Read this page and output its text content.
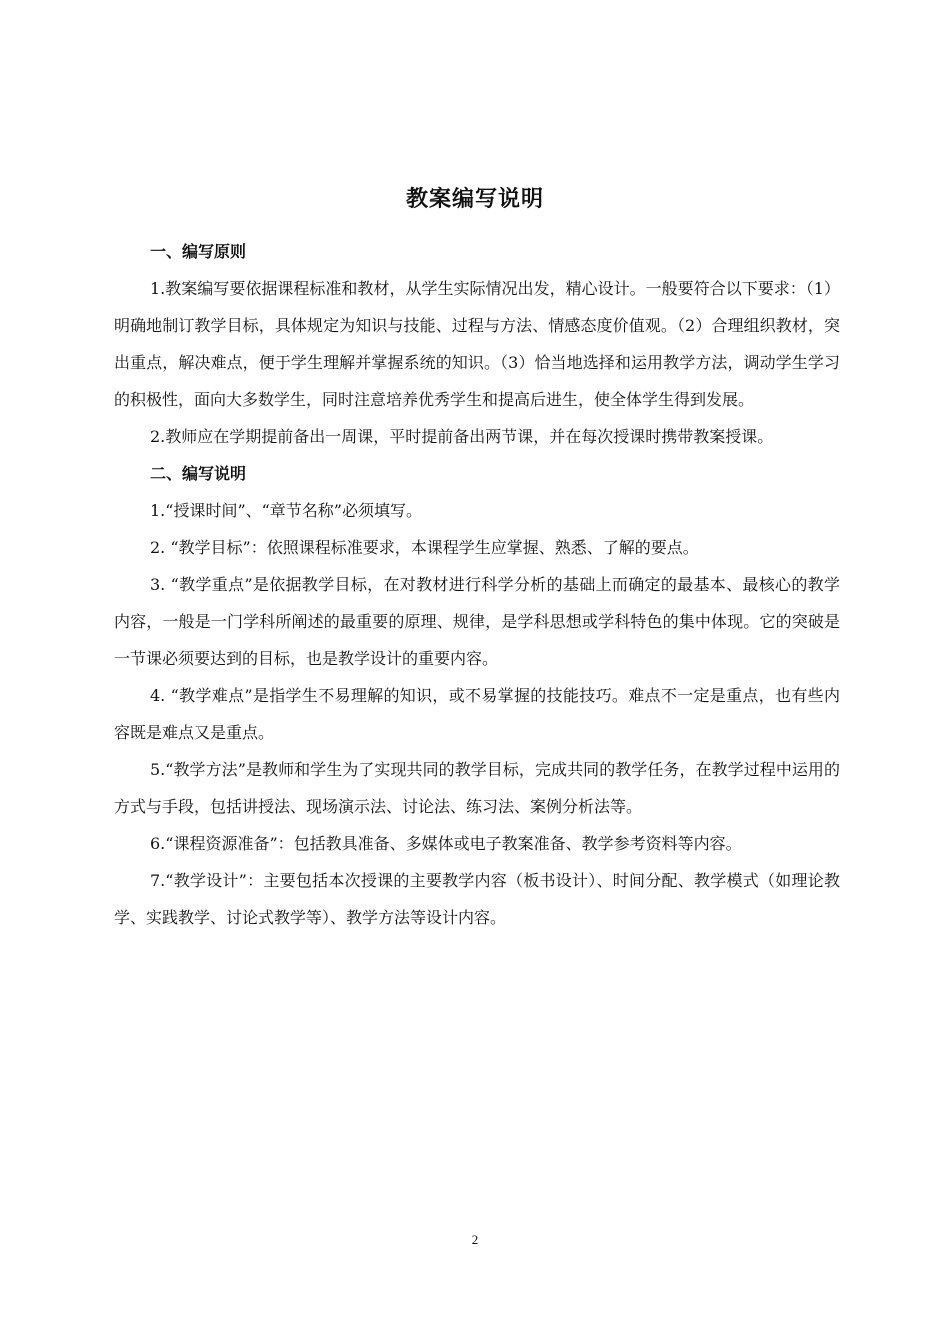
教案编写说明

一、编写原则

1.教案编写要依据课程标准和教材，从学生实际情况出发，精心设计。一般要符合以下要求：（1）明确地制订教学目标，具体规定为知识与技能、过程与方法、情感态度价值观。（2）合理组织教材，突出重点，解决难点，便于学生理解并掌握系统的知识。（3）恰当地选择和运用教学方法，调动学生学习的积极性，面向大多数学生，同时注意培养优秀学生和提高后进生，使全体学生得到发展。

2.教师应在学期提前备出一周课，平时提前备出两节课，并在每次授课时携带教案授课。

二、编写说明

1.“授课时间”、“章节名称”必须填写。

2. “教学目标”：依照课程标准要求，本课程学生应掌握、熟悉、了解的要点。

3. “教学重点”是依据教学目标，在对教材进行科学分析的基础上而确定的最基本、最核心的教学内容，一般是一门学科所阐述的最重要的原理、规律，是学科思想或学科特色的集中体现。它的突破是一节课必须要达到的目标，也是教学设计的重要内容。

4. “教学难点”是指学生不易理解的知识，或不易掌握的技能技巧。难点不一定是重点，也有些内容既是难点又是重点。

5.“教学方法”是教师和学生为了实现共同的教学目标，完成共同的教学任务，在教学过程中运用的方式与手段，包括讲授法、现场演示法、讨论法、练习法、案例分析法等。

6.“课程资源准备”：包括教具准备、多媒体或电子教案准备、教学参考资料等内容。

7.“教学设计”：主要包括本次授课的主要教学内容（板书设计）、时间分配、教学模式（如理论教学、实践教学、讨论式教学等）、教学方法等设计内容。

2
